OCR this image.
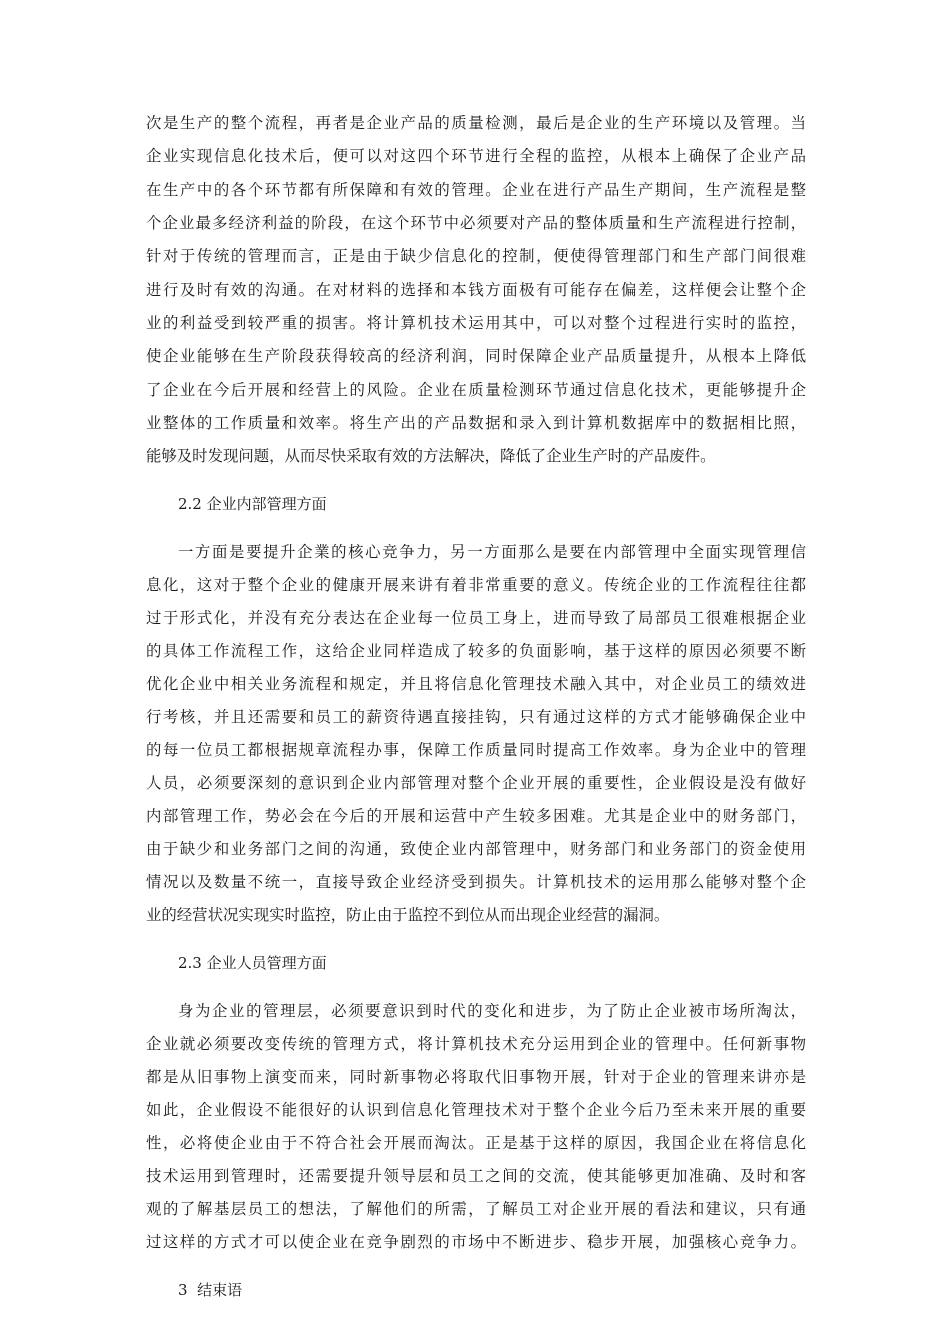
次是生产的整个流程，再者是企业产品的质量检测，最后是企业的生产环境以及管理。当
企业实现信息化技术后，便可以对这四个环节进行全程的监控，从根本上确保了企业产品
在生产中的各个环节都有所保障和有效的管理。企业在进行产品生产期间，生产流程是整
个企业最多经济利益的阶段，在这个环节中必须要对产品的整体质量和生产流程进行控制，
针对于传统的管理而言，正是由于缺少信息化的控制，便使得管理部门和生产部门间很难
进行及时有效的沟通。在对材料的选择和本钱方面极有可能存在偏差，这样便会让整个企
业的利益受到较严重的损害。将计算机技术运用其中，可以对整个过程进行实时的监控，
使企业能够在生产阶段获得较高的经济利润，同时保障企业产品质量提升，从根本上降低
了企业在今后开展和经营上的风险。企业在质量检测环节通过信息化技术，更能够提升企
业整体的工作质量和效率。将生产出的产品数据和录入到计算机数据库中的数据相比照，
能够及时发现问题，从而尽快采取有效的方法解决，降低了企业生产时的产品废件。
2.2 企业内部管理方面
一方面是要提升企業的核心竞争力，另一方面那么是要在内部管理中全面实现管理信
息化，这对于整个企业的健康开展来讲有着非常重要的意义。传统企业的工作流程往往都
过于形式化，并没有充分表达在企业每一位员工身上，进而导致了局部员工很难根据企业
的具体工作流程工作，这给企业同样造成了较多的负面影响，基于这样的原因必须要不断
优化企业中相关业务流程和规定，并且将信息化管理技术融入其中，对企业员工的绩效进
行考核，并且还需要和员工的薪资待遇直接挂钩，只有通过这样的方式才能够确保企业中
的每一位员工都根据规章流程办事，保障工作质量同时提高工作效率。身为企业中的管理
人员，必须要深刻的意识到企业内部管理对整个企业开展的重要性，企业假设是没有做好
内部管理工作，势必会在今后的开展和运营中产生较多困难。尤其是企业中的财务部门，
由于缺少和业务部门之间的沟通，致使企业内部管理中，财务部门和业务部门的资金使用
情况以及数量不统一，直接导致企业经济受到损失。计算机技术的运用那么能够对整个企
业的经营状况实现实时监控，防止由于监控不到位从而出现企业经营的漏洞。
2.3 企业人员管理方面
身为企业的管理层，必须要意识到时代的变化和进步，为了防止企业被市场所淘汰，
企业就必须要改变传统的管理方式，将计算机技术充分运用到企业的管理中。任何新事物
都是从旧事物上演变而来，同时新事物必将取代旧事物开展，针对于企业的管理来讲亦是
如此，企业假设不能很好的认识到信息化管理技术对于整个企业今后乃至未来开展的重要
性，必将使企业由于不符合社会开展而淘汰。正是基于这样的原因，我国企业在将信息化
技术运用到管理时，还需要提升领导层和员工之间的交流，使其能够更加准确、及时和客
观的了解基层员工的想法，了解他们的所需，了解员工对企业开展的看法和建议，只有通
过这样的方式才可以使企业在竞争剧烈的市场中不断进步、稳步开展，加强核心竞争力。
3  结束语
